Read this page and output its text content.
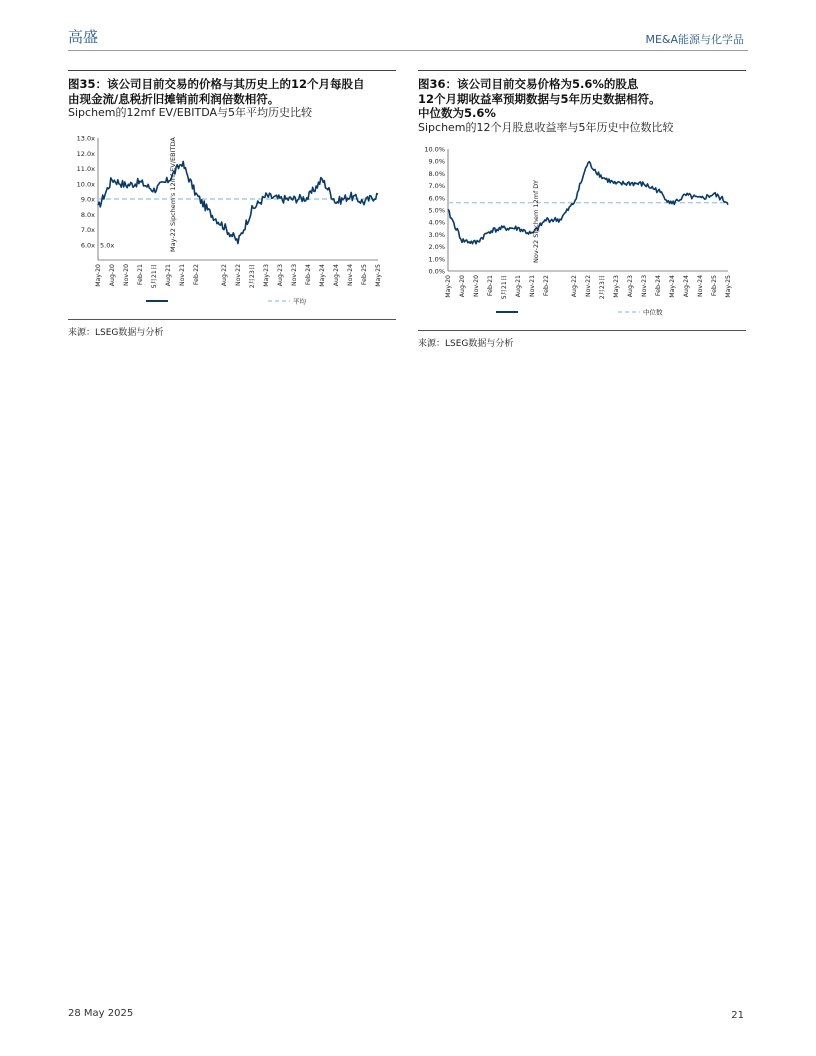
高盛	ME&A能源与化学品
图35：该公司目前交易的价格与其历史上的12个月每股自
由现金流/息税折旧摊销前利润倍数相符。
Sipchem的12mf EV/EBITDA与5年平均历史比较
13.0x
12.0x
11.0x
10.0x
9.0x
8.0x
7.0x
6.0x	May-22 Sipchem's 12mf EV/EBITDA
May-20 Aug-20 Nov-20 Feb-21 5月21日 Aug-21 Nov-21 Feb-22	Aug-22 Nov-22 2月23日 May-23 Aug-23 Nov-23 Feb-24 May-24 Aug-24 Nov-24 Feb-25 May-25
平均
5.0x
来源：LSEG数据与分析
图36：该公司目前交易价格为5.6%的股息
12个月期收益率预期数据与5年历史数据相符。
中位数为5.6%
Sipchem的12个月股息收益率与5年历史中位数比较
10.0%
9.0%
8.0%
7.0%
6.0%
5.0%
4.0%
3.0%
2.0%
1.0%
0.0%
Nov-22 Sipchem 12mf DY
May-20 Aug-20 Nov-20 Feb-21 5月21日 Aug-21 Nov-21 Feb-22	Aug-22 Nov-22 2月23日 May-23 Aug-23 Nov-23 Feb-24 May-24 Aug-24 Nov-24 Feb-25 May-25
中位数
来源：LSEG数据与分析
28 May 2025	21
